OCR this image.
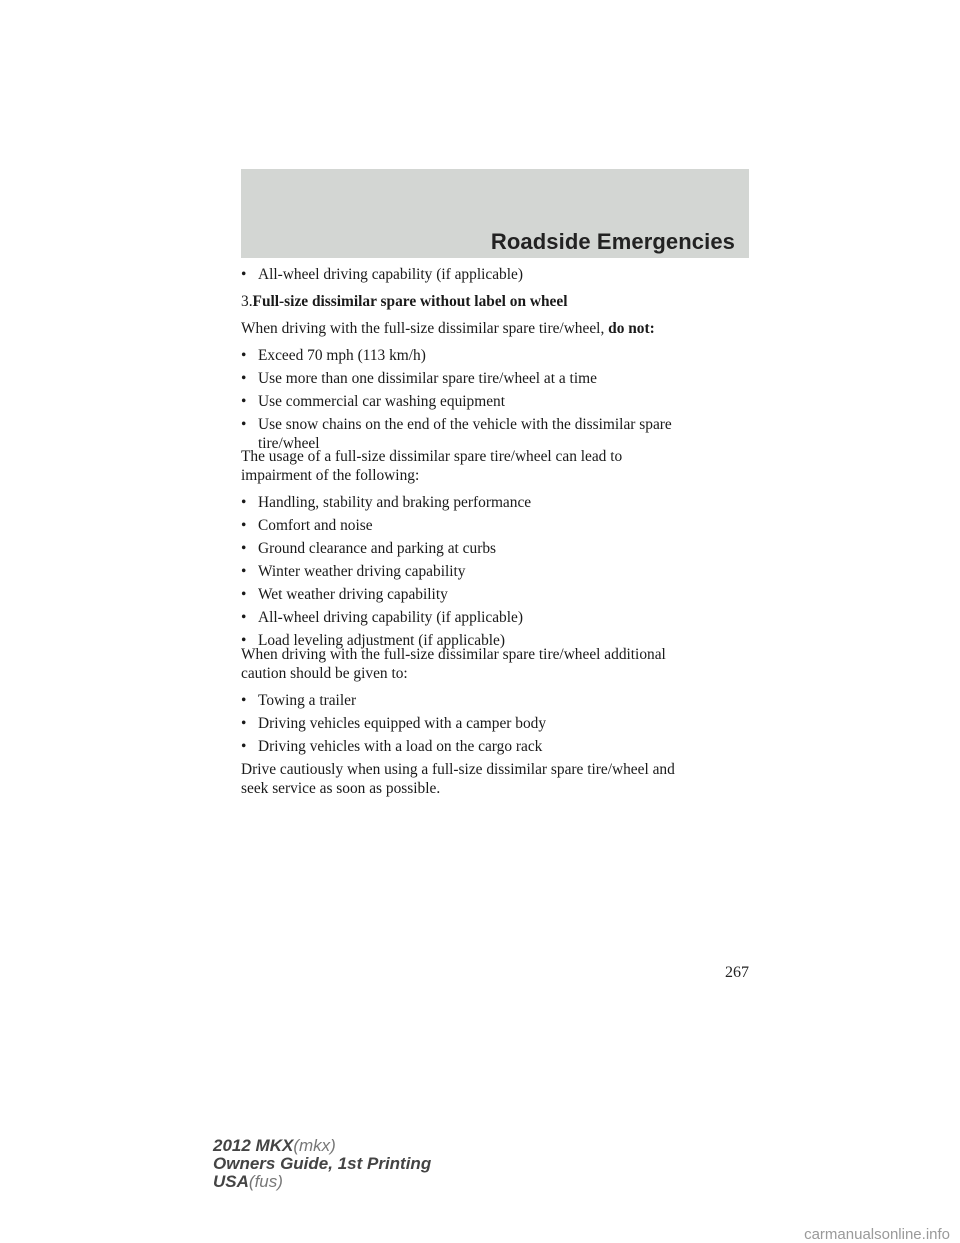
Roadside Emergencies
• All-wheel driving capability (if applicable)
3.Full-size dissimilar spare without label on wheel
When driving with the full-size dissimilar spare tire/wheel, do not:
• Exceed 70 mph (113 km/h)
• Use more than one dissimilar spare tire/wheel at a time
• Use commercial car washing equipment
• Use snow chains on the end of the vehicle with the dissimilar spare
tire/wheel
The usage of a full-size dissimilar spare tire/wheel can lead to
impairment of the following:
• Handling, stability and braking performance
• Comfort and noise
• Ground clearance and parking at curbs
• Winter weather driving capability
• Wet weather driving capability
• All-wheel driving capability (if applicable)
• Load leveling adjustment (if applicable)
When driving with the full-size dissimilar spare tire/wheel additional
caution should be given to:
• Towing a trailer
• Driving vehicles equipped with a camper body
• Driving vehicles with a load on the cargo rack
Drive cautiously when using a full-size dissimilar spare tire/wheel and
seek service as soon as possible.
267
2012 MKX(mkx)
Owners Guide, 1st Printing
USA(fus)
carmanualsonline.info
